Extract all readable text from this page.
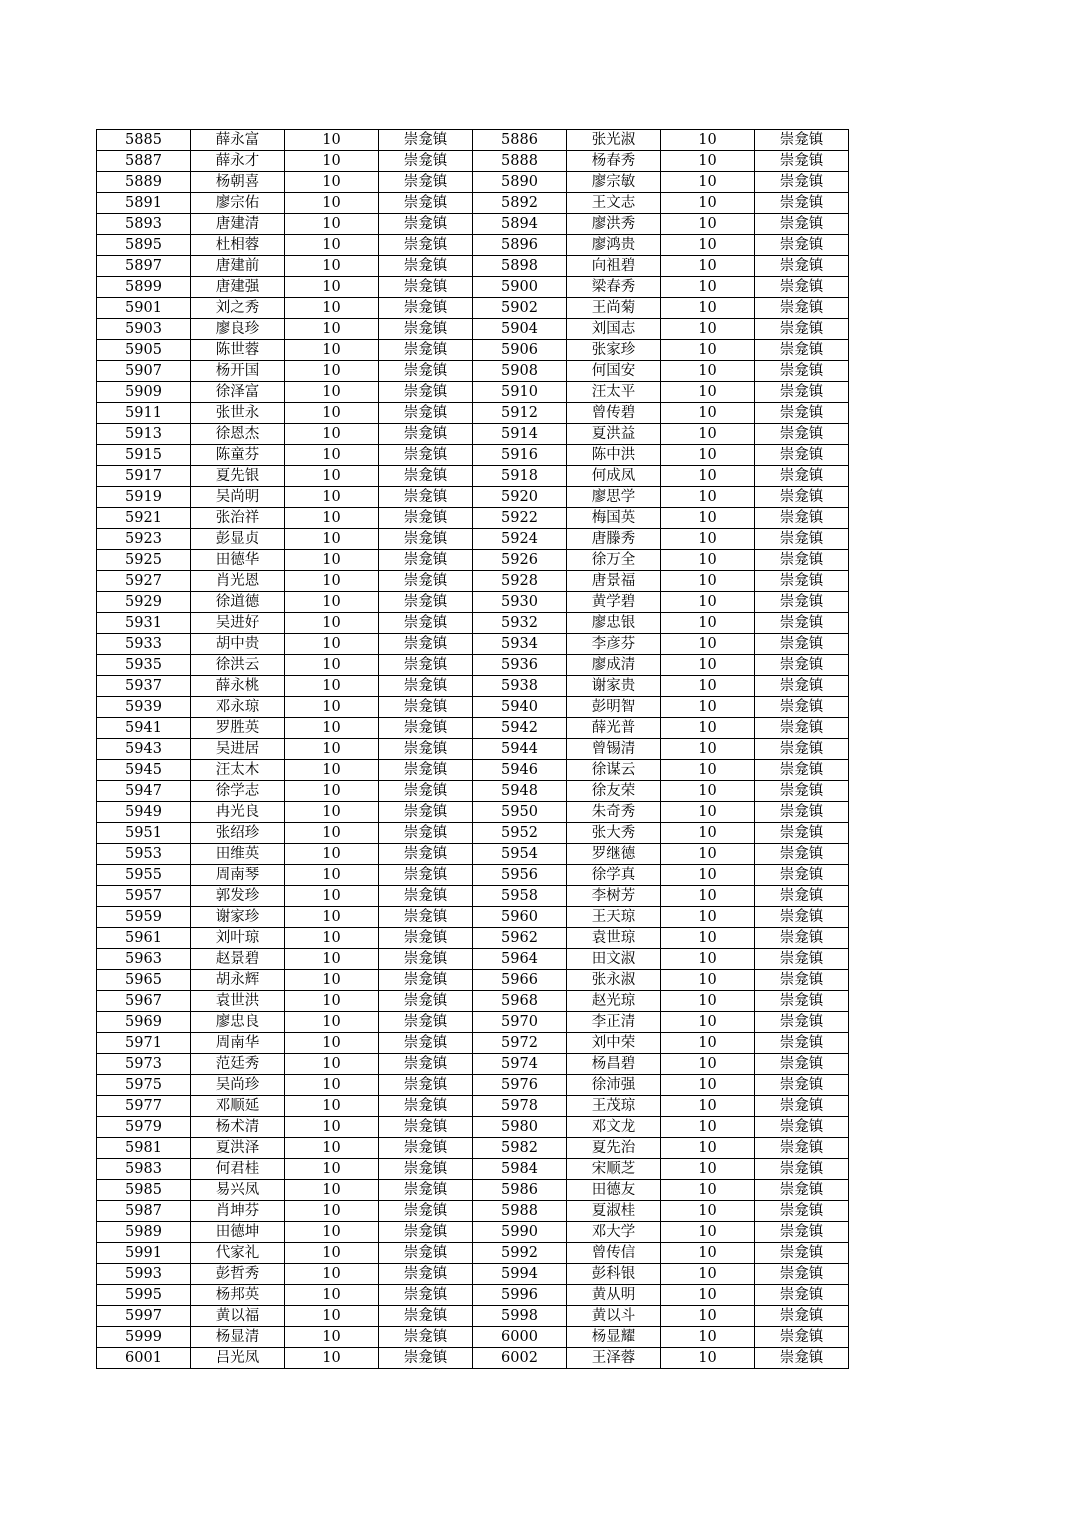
5885	薛永富	10	崇龛镇	5886	张光淑	10	崇龛镇
5887	薛永才	10	崇龛镇	5888	杨春秀	10	崇龛镇
5889	杨朝喜	10	崇龛镇	5890	廖宗敏	10	崇龛镇
5891	廖宗佑	10	崇龛镇	5892	王文志	10	崇龛镇
5893	唐建清	10	崇龛镇	5894	廖洪秀	10	崇龛镇
5895	杜相蓉	10	崇龛镇	5896	廖鸿贵	10	崇龛镇
5897	唐建前	10	崇龛镇	5898	向祖碧	10	崇龛镇
5899	唐建强	10	崇龛镇	5900	梁春秀	10	崇龛镇
5901	刘之秀	10	崇龛镇	5902	王尚菊	10	崇龛镇
5903	廖良珍	10	崇龛镇	5904	刘国志	10	崇龛镇
5905	陈世蓉	10	崇龛镇	5906	张家珍	10	崇龛镇
5907	杨开国	10	崇龛镇	5908	何国安	10	崇龛镇
5909	徐泽富	10	崇龛镇	5910	汪太平	10	崇龛镇
5911	张世永	10	崇龛镇	5912	曾传碧	10	崇龛镇
5913	徐恩杰	10	崇龛镇	5914	夏洪益	10	崇龛镇
5915	陈童芬	10	崇龛镇	5916	陈中洪	10	崇龛镇
5917	夏先银	10	崇龛镇	5918	何成凤	10	崇龛镇
5919	吴尚明	10	崇龛镇	5920	廖思学	10	崇龛镇
5921	张治祥	10	崇龛镇	5922	梅国英	10	崇龛镇
5923	彭显贞	10	崇龛镇	5924	唐滕秀	10	崇龛镇
5925	田德华	10	崇龛镇	5926	徐万全	10	崇龛镇
5927	肖光恩	10	崇龛镇	5928	唐景福	10	崇龛镇
5929	徐道德	10	崇龛镇	5930	黄学碧	10	崇龛镇
5931	吴进好	10	崇龛镇	5932	廖忠银	10	崇龛镇
5933	胡中贵	10	崇龛镇	5934	李彦芬	10	崇龛镇
5935	徐洪云	10	崇龛镇	5936	廖成清	10	崇龛镇
5937	薛永桃	10	崇龛镇	5938	谢家贵	10	崇龛镇
5939	邓永琼	10	崇龛镇	5940	彭明智	10	崇龛镇
5941	罗胜英	10	崇龛镇	5942	薛光普	10	崇龛镇
5943	吴进居	10	崇龛镇	5944	曾锡清	10	崇龛镇
5945	汪太木	10	崇龛镇	5946	徐谋云	10	崇龛镇
5947	徐学志	10	崇龛镇	5948	徐友荣	10	崇龛镇
5949	冉光良	10	崇龛镇	5950	朱奇秀	10	崇龛镇
5951	张绍珍	10	崇龛镇	5952	张大秀	10	崇龛镇
5953	田维英	10	崇龛镇	5954	罗继德	10	崇龛镇
5955	周南琴	10	崇龛镇	5956	徐学真	10	崇龛镇
5957	郭发珍	10	崇龛镇	5958	李树芳	10	崇龛镇
5959	谢家珍	10	崇龛镇	5960	王天琼	10	崇龛镇
5961	刘叶琼	10	崇龛镇	5962	袁世琼	10	崇龛镇
5963	赵景碧	10	崇龛镇	5964	田文淑	10	崇龛镇
5965	胡永辉	10	崇龛镇	5966	张永淑	10	崇龛镇
5967	袁世洪	10	崇龛镇	5968	赵光琼	10	崇龛镇
5969	廖忠良	10	崇龛镇	5970	李正清	10	崇龛镇
5971	周南华	10	崇龛镇	5972	刘中荣	10	崇龛镇
5973	范廷秀	10	崇龛镇	5974	杨昌碧	10	崇龛镇
5975	吴尚珍	10	崇龛镇	5976	徐沛强	10	崇龛镇
5977	邓顺延	10	崇龛镇	5978	王茂琼	10	崇龛镇
5979	杨术清	10	崇龛镇	5980	邓文龙	10	崇龛镇
5981	夏洪泽	10	崇龛镇	5982	夏先治	10	崇龛镇
5983	何君桂	10	崇龛镇	5984	宋顺芝	10	崇龛镇
5985	易兴凤	10	崇龛镇	5986	田德友	10	崇龛镇
5987	肖坤芬	10	崇龛镇	5988	夏淑桂	10	崇龛镇
5989	田德坤	10	崇龛镇	5990	邓大学	10	崇龛镇
5991	代家礼	10	崇龛镇	5992	曾传信	10	崇龛镇
5993	彭哲秀	10	崇龛镇	5994	彭科银	10	崇龛镇
5995	杨邦英	10	崇龛镇	5996	黄从明	10	崇龛镇
5997	黄以福	10	崇龛镇	5998	黄以斗	10	崇龛镇
5999	杨显清	10	崇龛镇	6000	杨显耀	10	崇龛镇
6001	吕光凤	10	崇龛镇	6002	王泽蓉	10	崇龛镇
